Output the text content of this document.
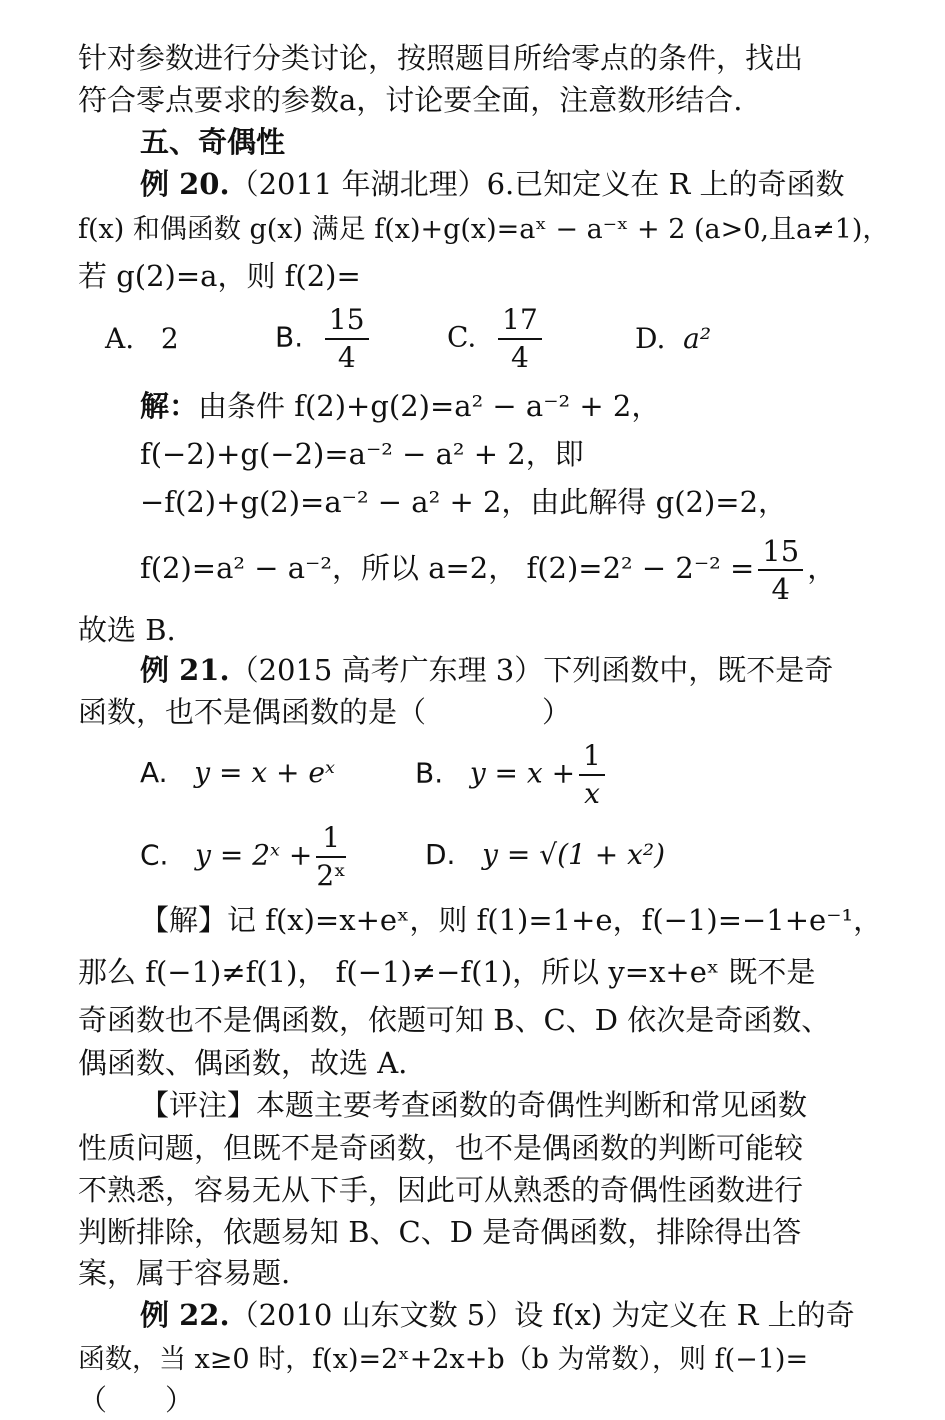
针对参数进行分类讨论，按照题目所给零点的条件，找出
符合零点要求的参数a，讨论要全面，注意数形结合.
五、奇偶性
例 20.（2011 年湖北理）6.已知定义在 R 上的奇函数
f(x) 和偶函数 g(x) 满足 f(x)+g(x)=aˣ − a⁻ˣ + 2 (a>0,且a≠1)，
若 g(2)=a，则 f(2)=
A. 2	B. $\frac{15}{4}$	C. $\frac{17}{4}$	D. a²
解：由条件 f(2)+g(2)=a² − a⁻² + 2，
f(−2)+g(−2)=a⁻² − a² + 2，即
−f(2)+g(2)=a⁻² − a² + 2，由此解得 g(2)=2，
f(2)=a² − a⁻²，所以 a=2， $f(2)=2^2 - 2^{-2} = \frac{15}{4}$ ，
故选 B.
例 21.（2015 高考广东理 3）下列函数中，既不是奇
函数，也不是偶函数的是（　　　　）
A. y = x + eˣ	B. $y = x + \frac{1}{x}$
C. y = 2ˣ + $\frac{1}{\text{2ˣ}}$	D. y = √(1 + x²)
【解】记 f(x)=x+eˣ，则 f(1)=1+e，f(−1)=−1+e⁻¹，
那么 f(−1)≠f(1)， f(−1)≠−f(1)，所以 y=x+eˣ 既不是
奇函数也不是偶函数，依题可知 B、C、D 依次是奇函数、
偶函数、偶函数，故选 A.
【评注】本题主要考查函数的奇偶性判断和常见函数
性质问题，但既不是奇函数，也不是偶函数的判断可能较
不熟悉，容易无从下手，因此可从熟悉的奇偶性函数进行
判断排除，依题易知 B、C、D 是奇偶函数，排除得出答
案，属于容易题.
例 22.（2010 山东文数 5）设 f(x) 为定义在 R 上的奇
函数，当 x≥0 时，f(x)=2ˣ+2x+b（b 为常数），则 f(−1)=
（　　）
